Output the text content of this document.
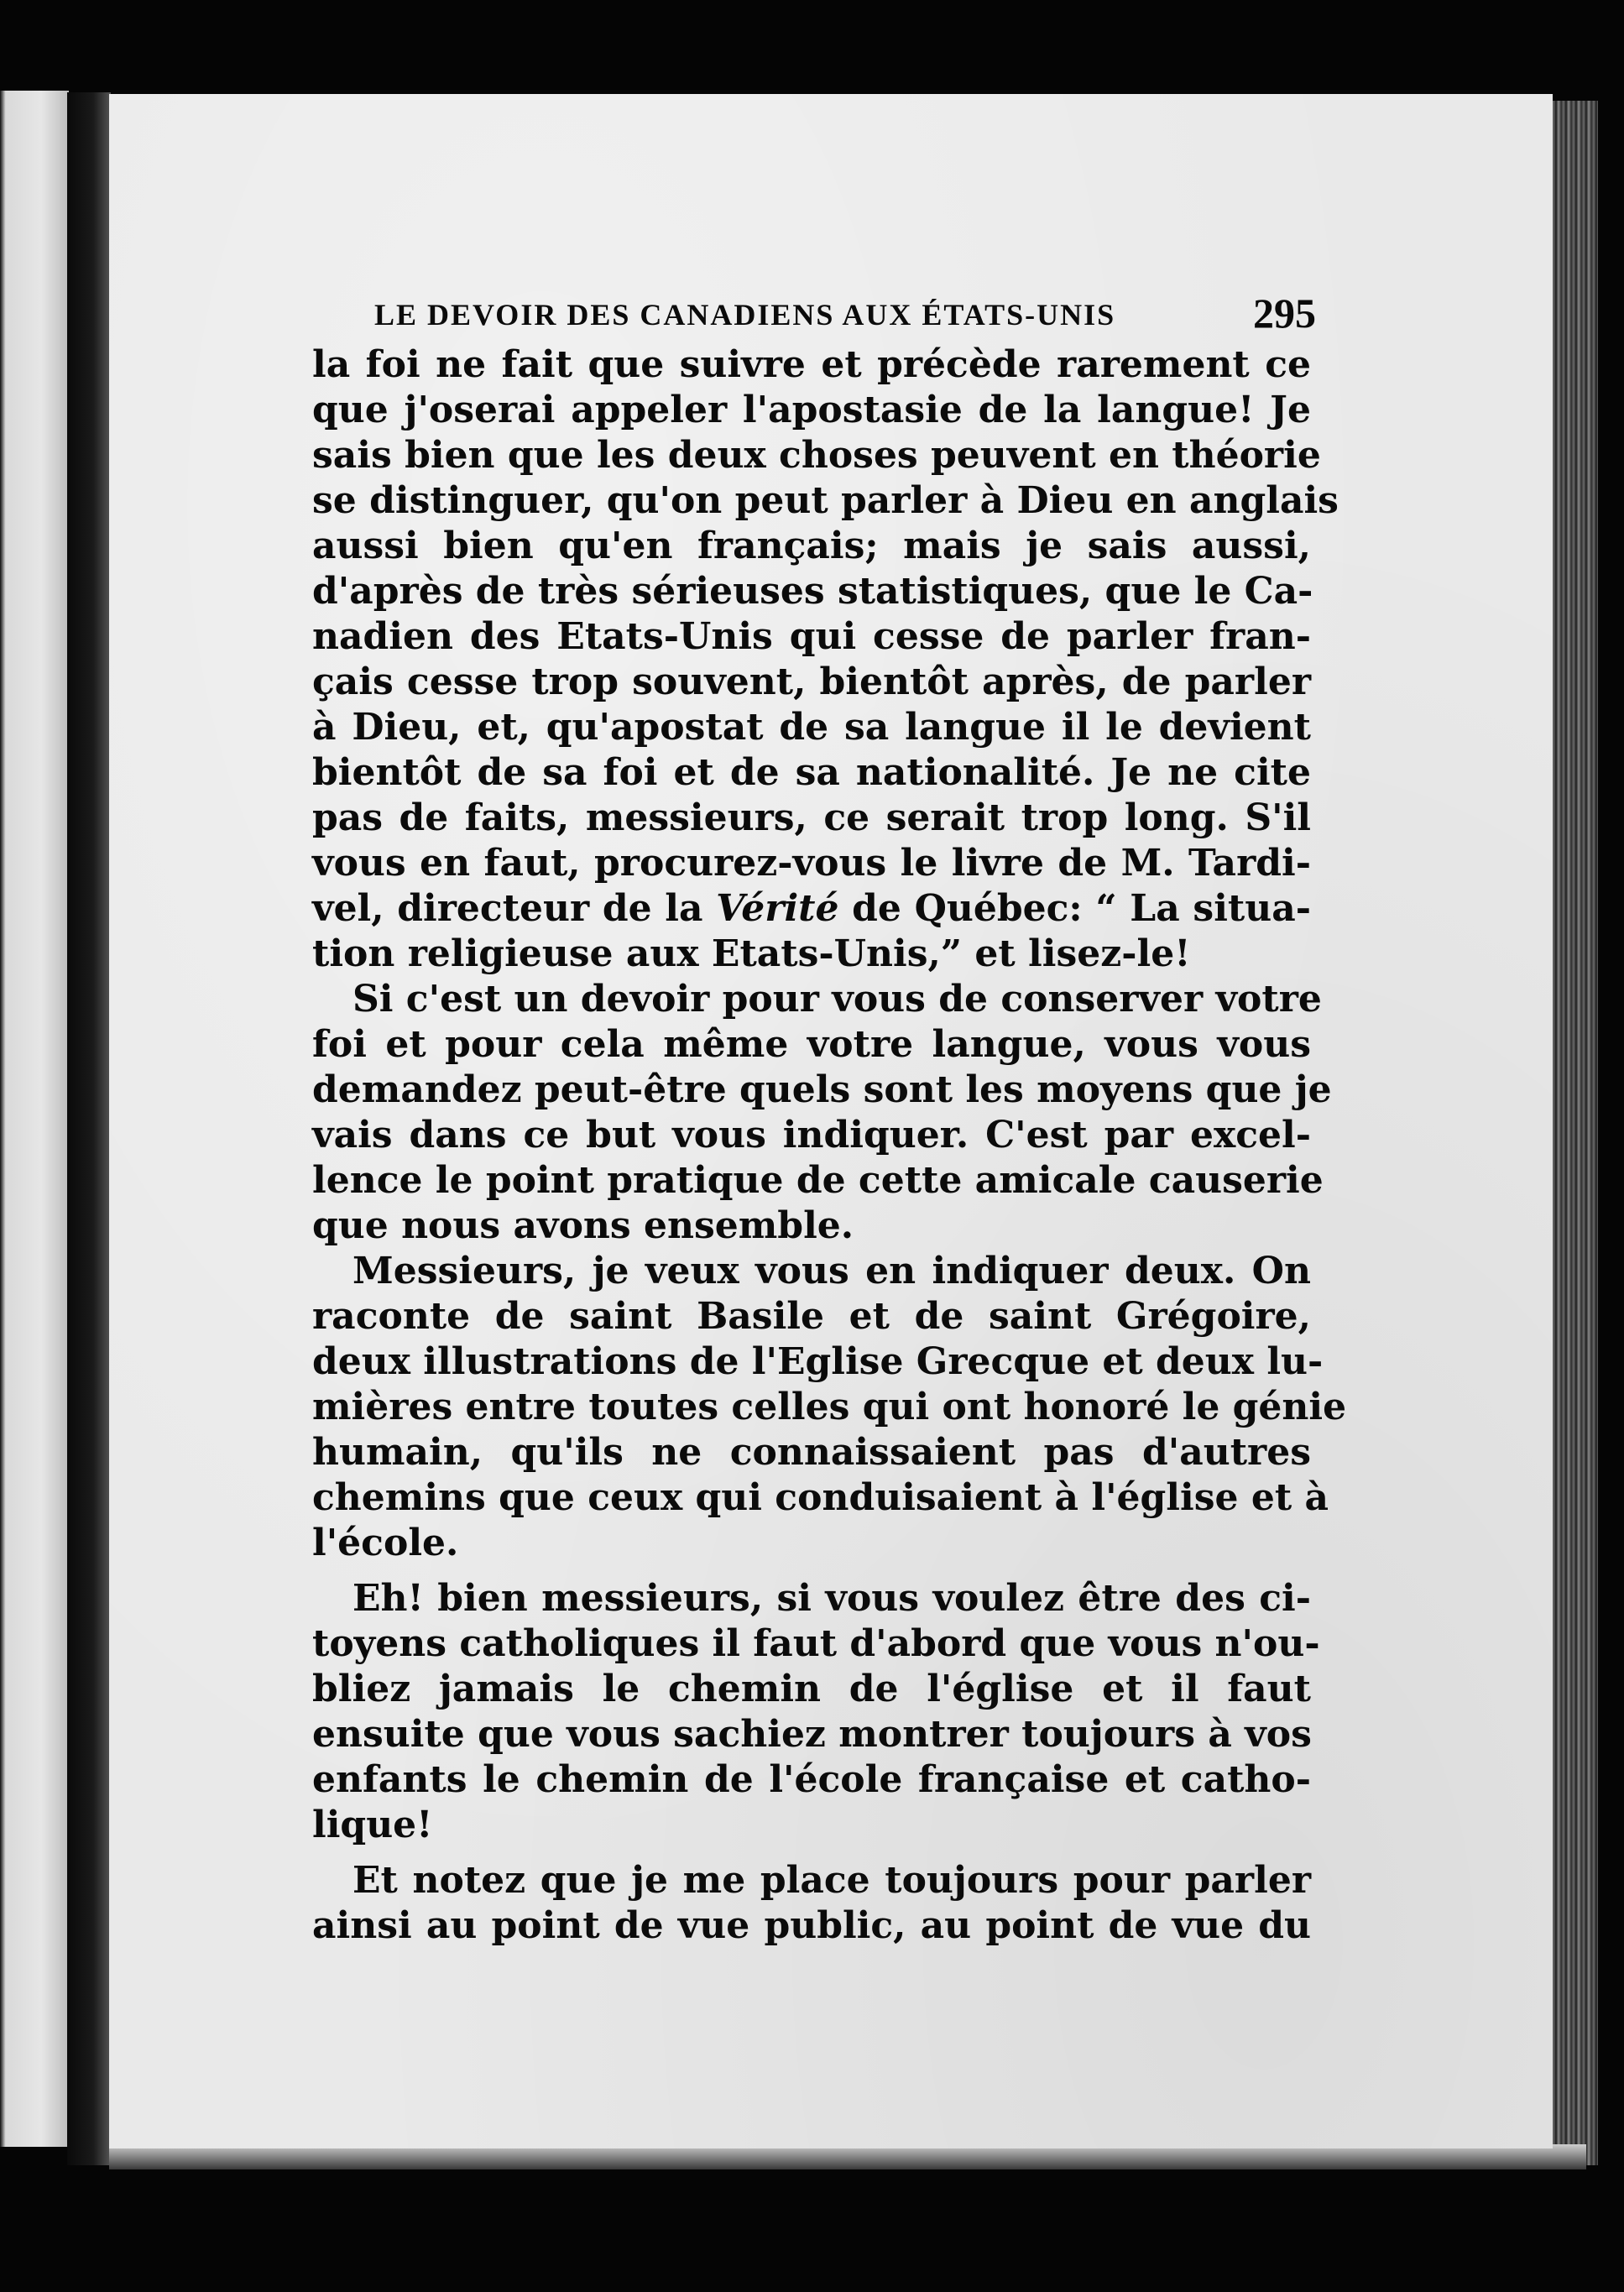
LE DEVOIR DES CANADIENS AUX ÉTATS-UNIS	295
la foi ne fait que suivre et précède rarement ce
que j'oserai appeler l'apostasie de la langue! Je
sais bien que les deux choses peuvent en théorie
se distinguer, qu'on peut parler à Dieu en anglais
aussi bien qu'en français; mais je sais aussi,
d'après de très sérieuses statistiques, que le Ca-
nadien des Etats-Unis qui cesse de parler fran-
çais cesse trop souvent, bientôt après, de parler
à Dieu, et, qu'apostat de sa langue il le devient
bientôt de sa foi et de sa nationalité. Je ne cite
pas de faits, messieurs, ce serait trop long. S'il
vous en faut, procurez-vous le livre de M. Tardi-
vel, directeur de la Vérité de Québec: “ La situa-
tion religieuse aux Etats-Unis,” et lisez-le!
Si c'est un devoir pour vous de conserver votre
foi et pour cela même votre langue, vous vous
demandez peut-être quels sont les moyens que je
vais dans ce but vous indiquer. C'est par excel-
lence le point pratique de cette amicale causerie
que nous avons ensemble.
Messieurs, je veux vous en indiquer deux. On
raconte de saint Basile et de saint Grégoire,
deux illustrations de l'Eglise Grecque et deux lu-
mières entre toutes celles qui ont honoré le génie
humain, qu'ils ne connaissaient pas d'autres
chemins que ceux qui conduisaient à l'église et à
l'école.
Eh! bien messieurs, si vous voulez être des ci-
toyens catholiques il faut d'abord que vous n'ou-
bliez jamais le chemin de l'église et il faut
ensuite que vous sachiez montrer toujours à vos
enfants le chemin de l'école française et catho-
lique!
Et notez que je me place toujours pour parler
ainsi au point de vue public, au point de vue du
